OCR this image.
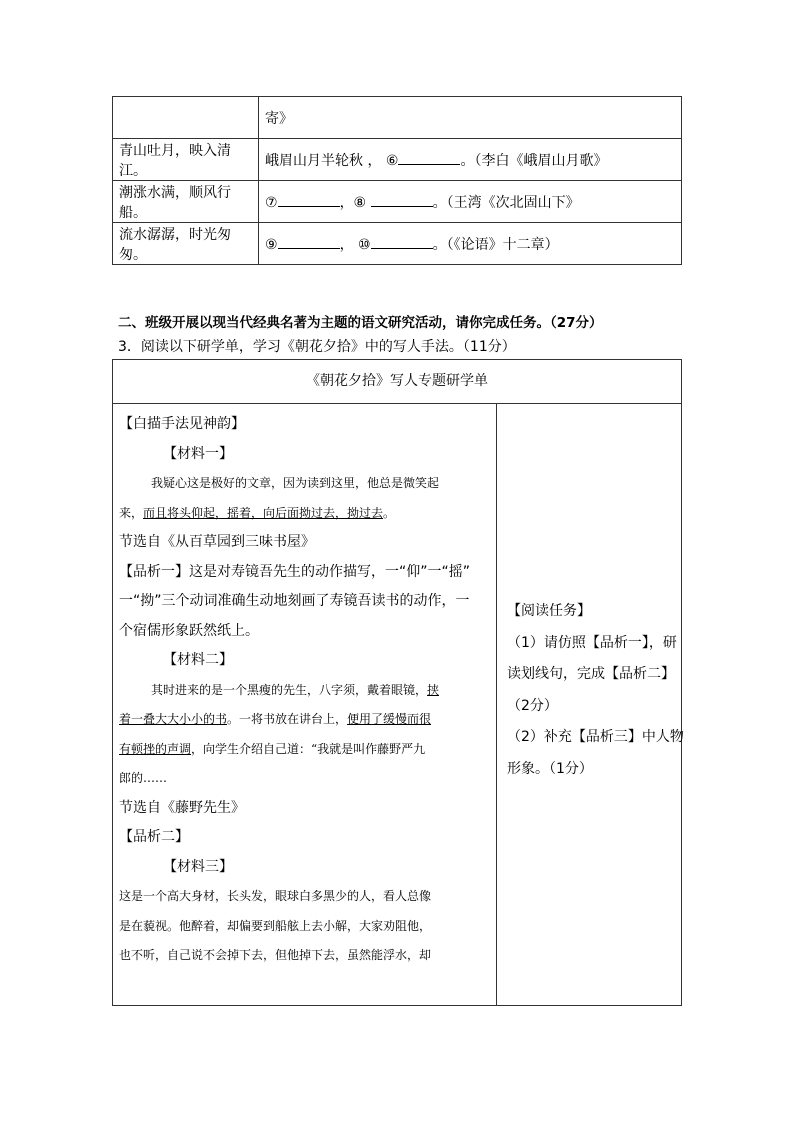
	寄》
青山吐月，映入清江。	峨眉山月半轮秋 ， ⑥ 。（李白《峨眉山月歌》
潮涨水满，顺风行船。	⑦ ，⑧ 。（王湾《次北固山下》
流水潺潺，时光匆匆。	⑨ ， ⑩ 。（《论语》十二章）
二、班级开展以现当代经典名著为主题的语文研究活动，请你完成任务。（27分）
3．阅读以下研学单，学习《朝花夕拾》中的写人手法。（11分）
《朝花夕拾》写人专题研学单
【白描手法见神韵】
【材料一】
我疑心这是极好的文章，因为读到这里，他总是微笑起
来，而且将头仰起，摇着，向后面拗过去，拗过去。
节选自《从百草园到三味书屋》
【品析一】这是对寿镜吾先生的动作描写，一“仰”一“摇”
一“拗”三个动词准确生动地刻画了寿镜吾读书的动作，一
个宿儒形象跃然纸上。
【材料二】
其时进来的是一个黑瘦的先生，八字须，戴着眼镜，挟
着一叠大大小小的书。一将书放在讲台上，便用了缓慢而很
有顿挫的声调，向学生介绍自己道：“我就是叫作藤野严九
郎的……
节选自《藤野先生》
【品析二】
【材料三】
这是一个高大身材，长头发，眼球白多黑少的人，看人总像
是在藐视。他醉着，却偏要到船舷上去小解，大家劝阻他，
也不听，自己说不会掉下去，但他掉下去，虽然能浮水，却
【阅读任务】
（1）请仿照【品析一】，研
读划线句，完成【品析二】
（2分）
（2）补充【品析三】中人物
形象。（1分）
